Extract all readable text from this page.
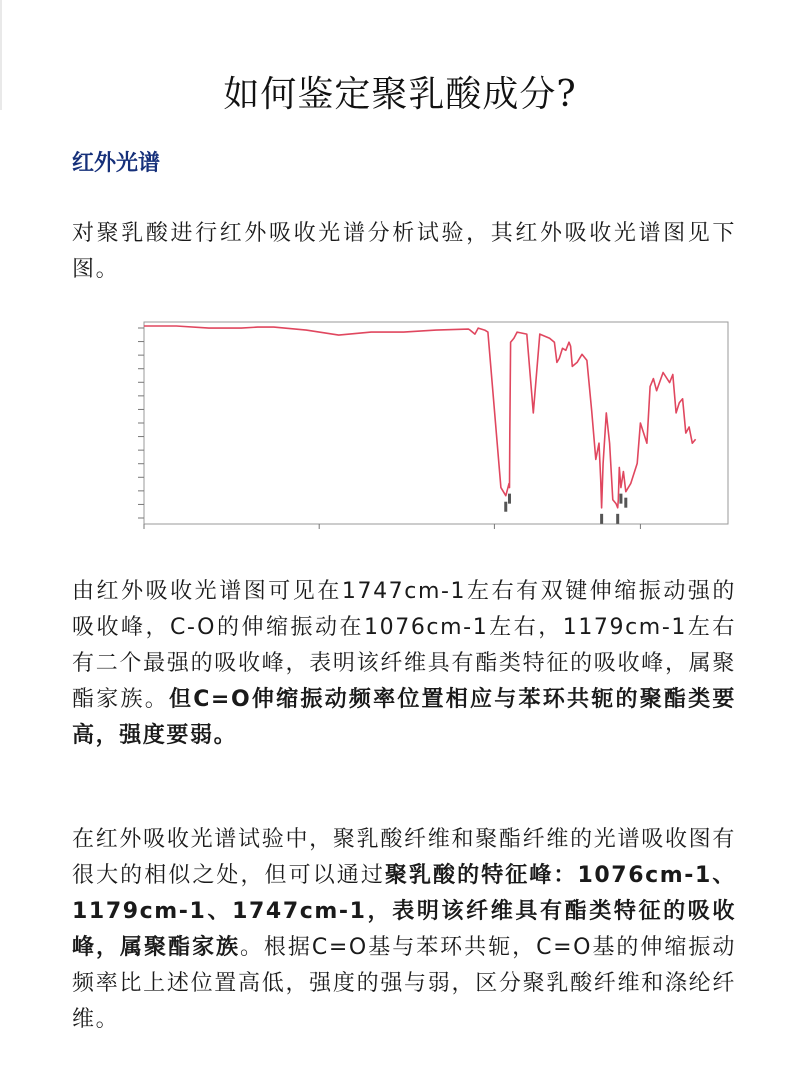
如何鉴定聚乳酸成分?
红外光谱
对聚乳酸进行红外吸收光谱分析试验，其红外吸收光谱图见下图。
由红外吸收光谱图可见在1747cm-1左右有双键伸缩振动强的吸收峰，C-O的伸缩振动在1076cm-1左右，1179cm-1左右有二个最强的吸收峰，表明该纤维具有酯类特征的吸收峰，属聚酯家族。但C=O伸缩振动频率位置相应与苯环共轭的聚酯类要高，强度要弱。
在红外吸收光谱试验中，聚乳酸纤维和聚酯纤维的光谱吸收图有很大的相似之处，但可以通过聚乳酸的特征峰：1076cm-1、1179cm-1、1747cm-1，表明该纤维具有酯类特征的吸收峰，属聚酯家族。根据C=O基与苯环共轭，C=O基的伸缩振动频率比上述位置高低，强度的强与弱，区分聚乳酸纤维和涤纶纤维。
